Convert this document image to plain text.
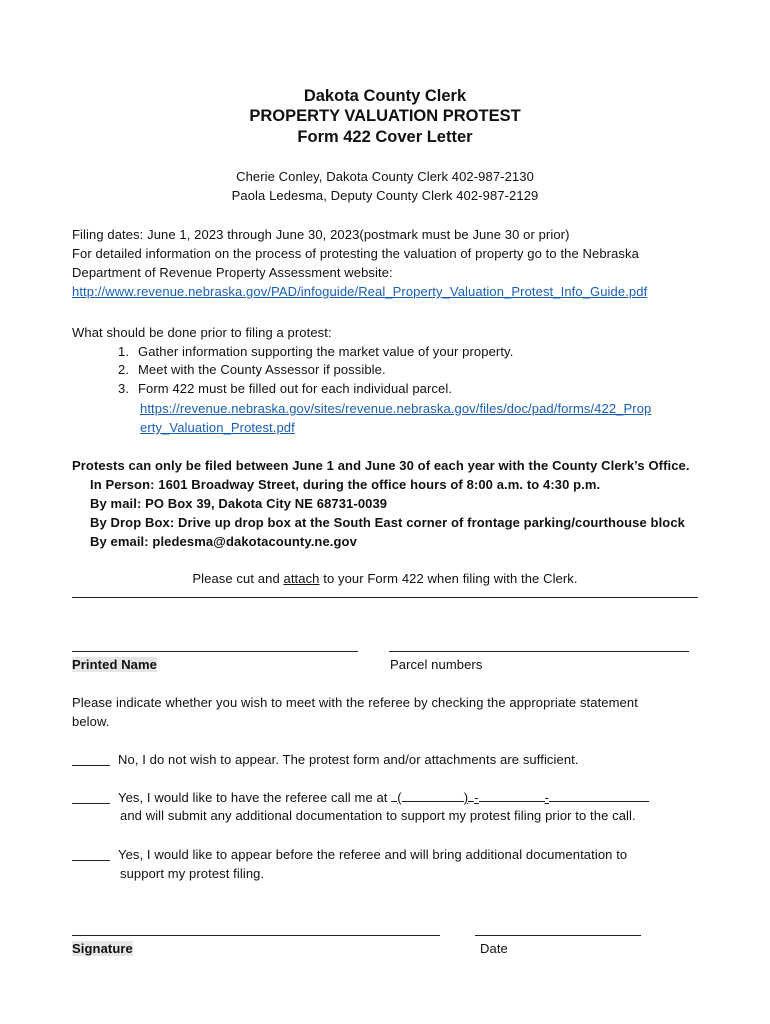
Dakota County Clerk
PROPERTY VALUATION PROTEST
Form 422 Cover Letter
Cherie Conley, Dakota County Clerk 402-987-2130
Paola Ledesma, Deputy County Clerk 402-987-2129
Filing dates: June 1, 2023 through June 30, 2023(postmark must be June 30 or prior)
For detailed information on the process of protesting the valuation of property go to the Nebraska
Department of Revenue Property Assessment website:
http://www.revenue.nebraska.gov/PAD/infoguide/Real_Property_Valuation_Protest_Info_Guide.pdf
What should be done prior to filing a protest:
1. Gather information supporting the market value of your property.
2. Meet with the County Assessor if possible.
3. Form 422 must be filled out for each individual parcel.
https://revenue.nebraska.gov/sites/revenue.nebraska.gov/files/doc/pad/forms/422_Prop
erty_Valuation_Protest.pdf
Protests can only be filed between June 1 and June 30 of each year with the County Clerk’s Office.
In Person: 1601 Broadway Street, during the office hours of 8:00 a.m. to 4:30 p.m.
By mail: PO Box 39, Dakota City NE 68731-0039
By Drop Box: Drive up drop box at the South East corner of frontage parking/courthouse block
By email: pledesma@dakotacounty.ne.gov
Please cut and attach to your Form 422 when filing with the Clerk.
Printed Name	Parcel numbers
Please indicate whether you wish to meet with the referee by checking the appropriate statement
below.
No, I do not wish to appear. The protest form and/or attachments are sufficient.
Yes, I would like to have the referee call me at (	) -	-
and will submit any additional documentation to support my protest filing prior to the call.
Yes, I would like to appear before the referee and will bring additional documentation to
support my protest filing.
Signature	Date
